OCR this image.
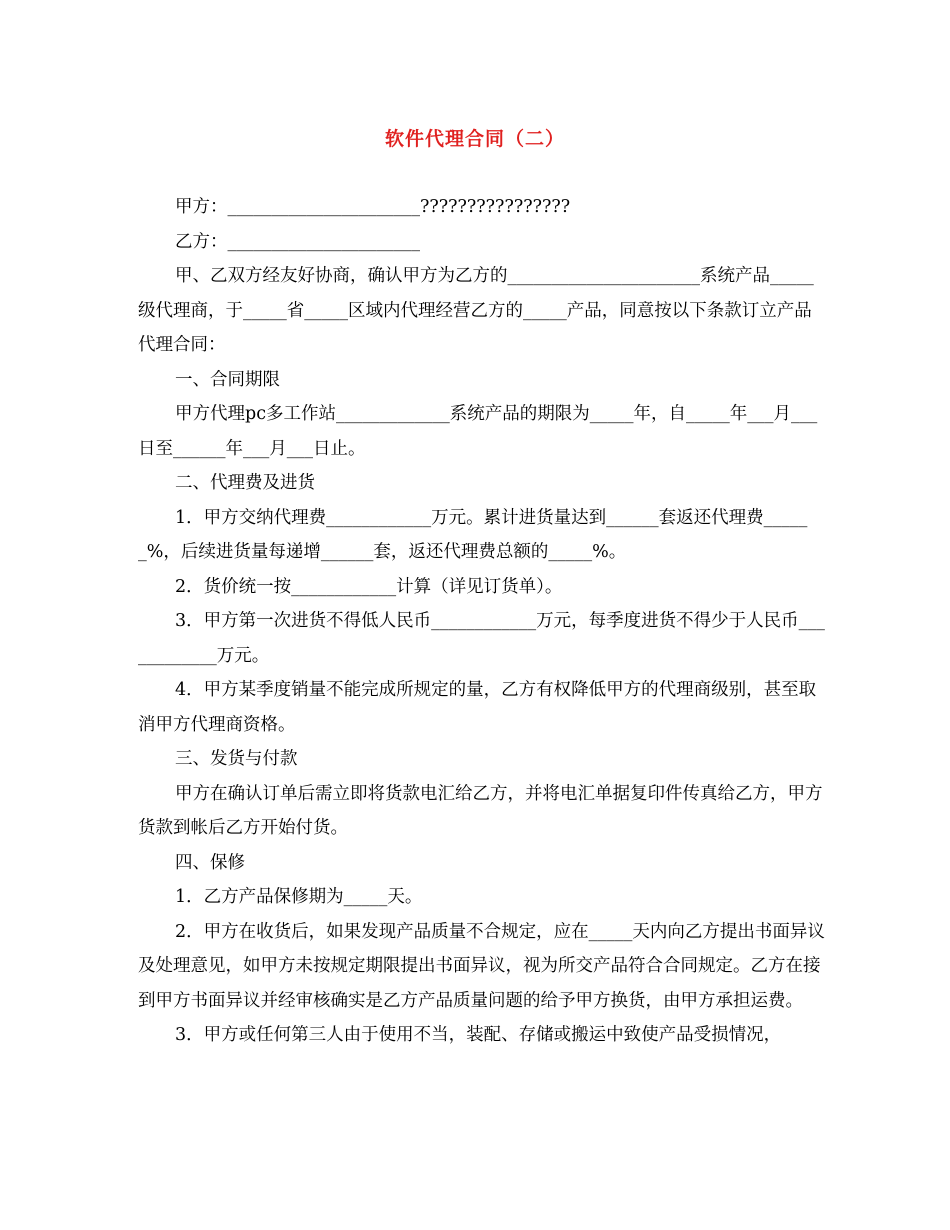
软件代理合同（二）

甲方：______________________????????????????

乙方：______________________

甲、乙双方经友好协商，确认甲方为乙方的______________________系统产品_____级代理商，于_____省_____区域内代理经营乙方的_____产品，同意按以下条款订立产品代理合同：

一、合同期限

甲方代理pc多工作站_____________系统产品的期限为_____年，自_____年___月___日至______年___月___日止。

二、代理费及进货

1．甲方交纳代理费____________万元。累计进货量达到______套返还代理费______%，后续进货量每递增______套，返还代理费总额的_____%。

2．货价统一按____________计算（详见订货单）。

3．甲方第一次进货不得低人民币____________万元，每季度进货不得少于人民币____________万元。

4．甲方某季度销量不能完成所规定的量，乙方有权降低甲方的代理商级别，甚至取消甲方代理商资格。

三、发货与付款

甲方在确认订单后需立即将货款电汇给乙方，并将电汇单据复印件传真给乙方，甲方货款到帐后乙方开始付货。

四、保修

1．乙方产品保修期为_____天。

2．甲方在收货后，如果发现产品质量不合规定，应在_____天内向乙方提出书面异议及处理意见，如甲方未按规定期限提出书面异议，视为所交产品符合合同规定。乙方在接到甲方书面异议并经审核确实是乙方产品质量问题的给予甲方换货，由甲方承担运费。

3．甲方或任何第三人由于使用不当，装配、存储或搬运中致使产品受损情况，
